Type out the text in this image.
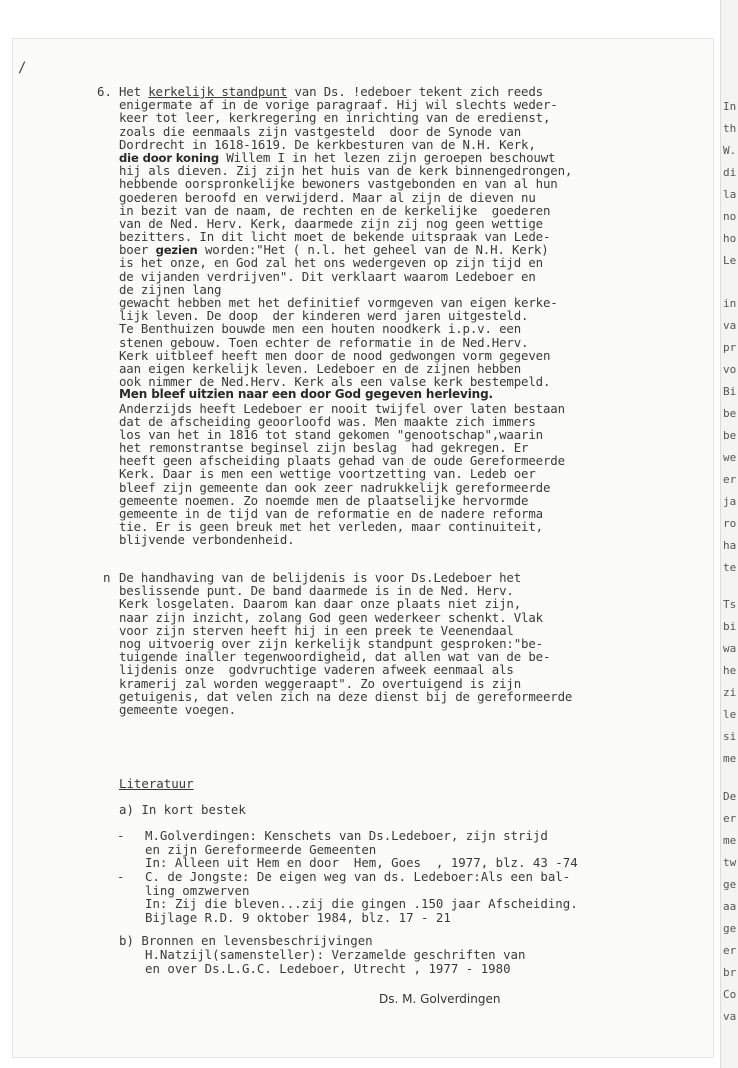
In
th
W.
di
la
no
ho
Le
in
va
pr
vo
Bi
be
be
we
er
ja
ro
ha
te
Ts
bi
wa
he
zi
le
si
me
De
er
me
tw
ge
aa
ge
er
br
Co
va
/
6. Het kerkelijk standpunt van Ds. !edeboer tekent zich reeds
enigermate af in de vorige paragraaf. Hij wil slechts weder-
keer tot leer, kerkregering en inrichting van de eredienst,
zoals die eenmaals zijn vastgesteld  door de Synode van
Dordrecht in 1618-1619. De kerkbesturen van de N.H. Kerk,
die door koning Willem I in het lezen zijn geroepen beschouwt
hij als dieven. Zij zijn het huis van de kerk binnengedrongen,
hebbende oorspronkelijke bewoners vastgebonden en van al hun
goederen beroofd en verwijderd. Maar al zijn de dieven nu
in bezit van de naam, de rechten en de kerkelijke  goederen
van de Ned. Herv. Kerk, daarmede zijn zij nog geen wettige
bezitters. In dit licht moet de bekende uitspraak van Lede-
boer gezien worden:"Het ( n.l. het geheel van de N.H. Kerk)
is het onze, en God zal het ons wedergeven op zijn tijd en
de vijanden verdrijven". Dit verklaart waarom Ledeboer en
de zijnen lang
gewacht hebben met het definitief vormgeven van eigen kerke-
lijk leven. De doop  der kinderen werd jaren uitgesteld.
Te Benthuizen bouwde men een houten noodkerk i.p.v. een
stenen gebouw. Toen echter de reformatie in de Ned.Herv.
Kerk uitbleef heeft men door de nood gedwongen vorm gegeven
aan eigen kerkelijk leven. Ledeboer en de zijnen hebben
ook nimmer de Ned.Herv. Kerk als een valse kerk bestempeld.
Men bleef uitzien naar een door God gegeven herleving.
Anderzijds heeft Ledeboer er nooit twijfel over laten bestaan
dat de afscheiding geoorloofd was. Men maakte zich immers
los van het in 1816 tot stand gekomen "genootschap",waarin
het remonstrantse beginsel zijn beslag  had gekregen. Er
heeft geen afscheiding plaats gehad van de oude Gereformeerde
Kerk. Daar is men een wettige voortzetting van. Ledeb oer
bleef zijn gemeente dan ook zeer nadrukkelijk gereformeerde
gemeente noemen. Zo noemde men de plaatselijke hervormde
gemeente in de tijd van de reformatie en de nadere reforma
tie. Er is geen breuk met het verleden, maar continuiteit,
blijvende verbondenheid.
n De handhaving van de belijdenis is voor Ds.Ledeboer het
beslissende punt. De band daarmede is in de Ned. Herv.
Kerk losgelaten. Daarom kan daar onze plaats niet zijn,
naar zijn inzicht, zolang God geen wederkeer schenkt. Vlak
voor zijn sterven heeft hij in een preek te Veenendaal
nog uitvoerig over zijn kerkelijk standpunt gesproken:"be-
tuigende inaller tegenwoordigheid, dat allen wat van de be-
lijdenis onze  godvruchtige vaderen afweek eenmaal als
kramerij zal worden weggeraapt". Zo overtuigend is zijn
getuigenis, dat velen zich na deze dienst bij de gereformeerde
gemeente voegen.
Literatuur
a) In kort bestek
- M.Golverdingen: Kenschets van Ds.Ledeboer, zijn strijd
en zijn Gereformeerde Gemeenten
In: Alleen uit Hem en door  Hem, Goes  , 1977, blz. 43 -74
- C. de Jongste: De eigen weg van ds. Ledeboer:Als een bal-
ling omzwerven
In: Zij die bleven...zij die gingen .150 jaar Afscheiding.
Bijlage R.D. 9 oktober 1984, blz. 17 - 21
b) Bronnen en levensbeschrijvingen
H.Natzijl(samensteller): Verzamelde geschriften van
en over Ds.L.G.C. Ledeboer, Utrecht , 1977 - 1980
Ds. M. Golverdingen
